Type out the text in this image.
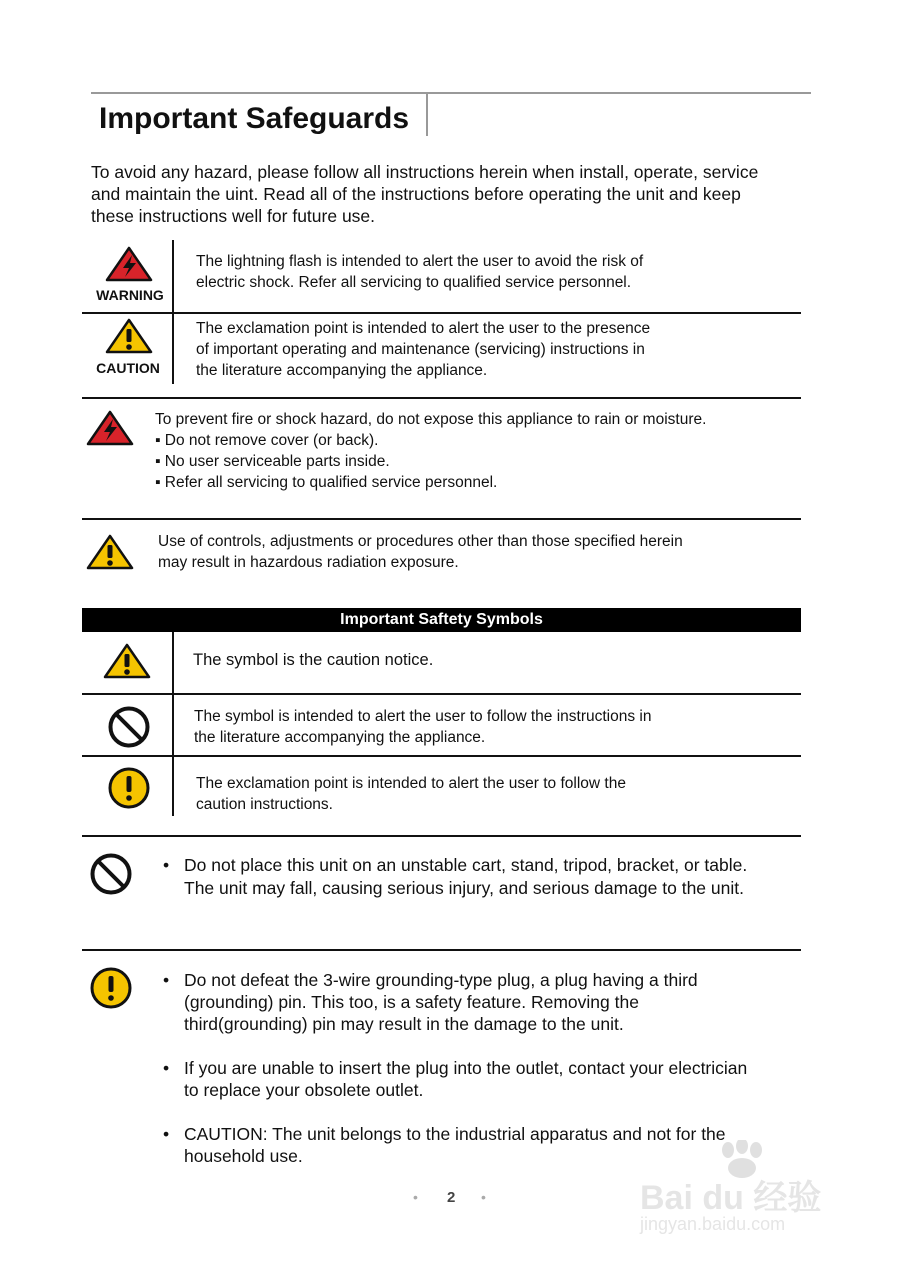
Important Safeguards
To avoid any hazard, please follow all instructions herein when install, operate, service
and maintain the uint. Read all of the instructions before operating the unit and keep
these instructions well for future use.
WARNING
The lightning flash is intended to alert the user to avoid the risk of
electric shock. Refer all servicing to qualified service personnel.
CAUTION
The exclamation point is intended to alert the user to the presence
of important operating and maintenance (servicing) instructions in
the literature accompanying the appliance.
To prevent fire or shock hazard, do not expose this appliance to rain or moisture.
▪ Do not remove cover (or back).
▪ No user serviceable parts inside.
▪ Refer all servicing to qualified service personnel.
Use of controls, adjustments or procedures other than those specified herein
may result in hazardous radiation exposure.
Important Saftety Symbols
The symbol is the caution notice.
The symbol is intended to alert the user to follow the instructions in
the literature accompanying the appliance.
The exclamation point is intended to alert the user to follow the
caution instructions.
• Do not place this unit on an unstable cart, stand, tripod, bracket, or table.
The unit may fall, causing serious injury, and serious damage to the unit.
• Do not defeat the 3-wire grounding-type plug, a plug having a third
(grounding) pin. This too, is a safety feature. Removing the
third(grounding) pin may result in the damage to the unit.
• If you are unable to insert the plug into the outlet, contact your electrician
to replace your obsolete outlet.
• CAUTION: The unit belongs to the industrial apparatus and not for the
household use.
• 2 •	Bai du 经验
jingyan.baidu.com
